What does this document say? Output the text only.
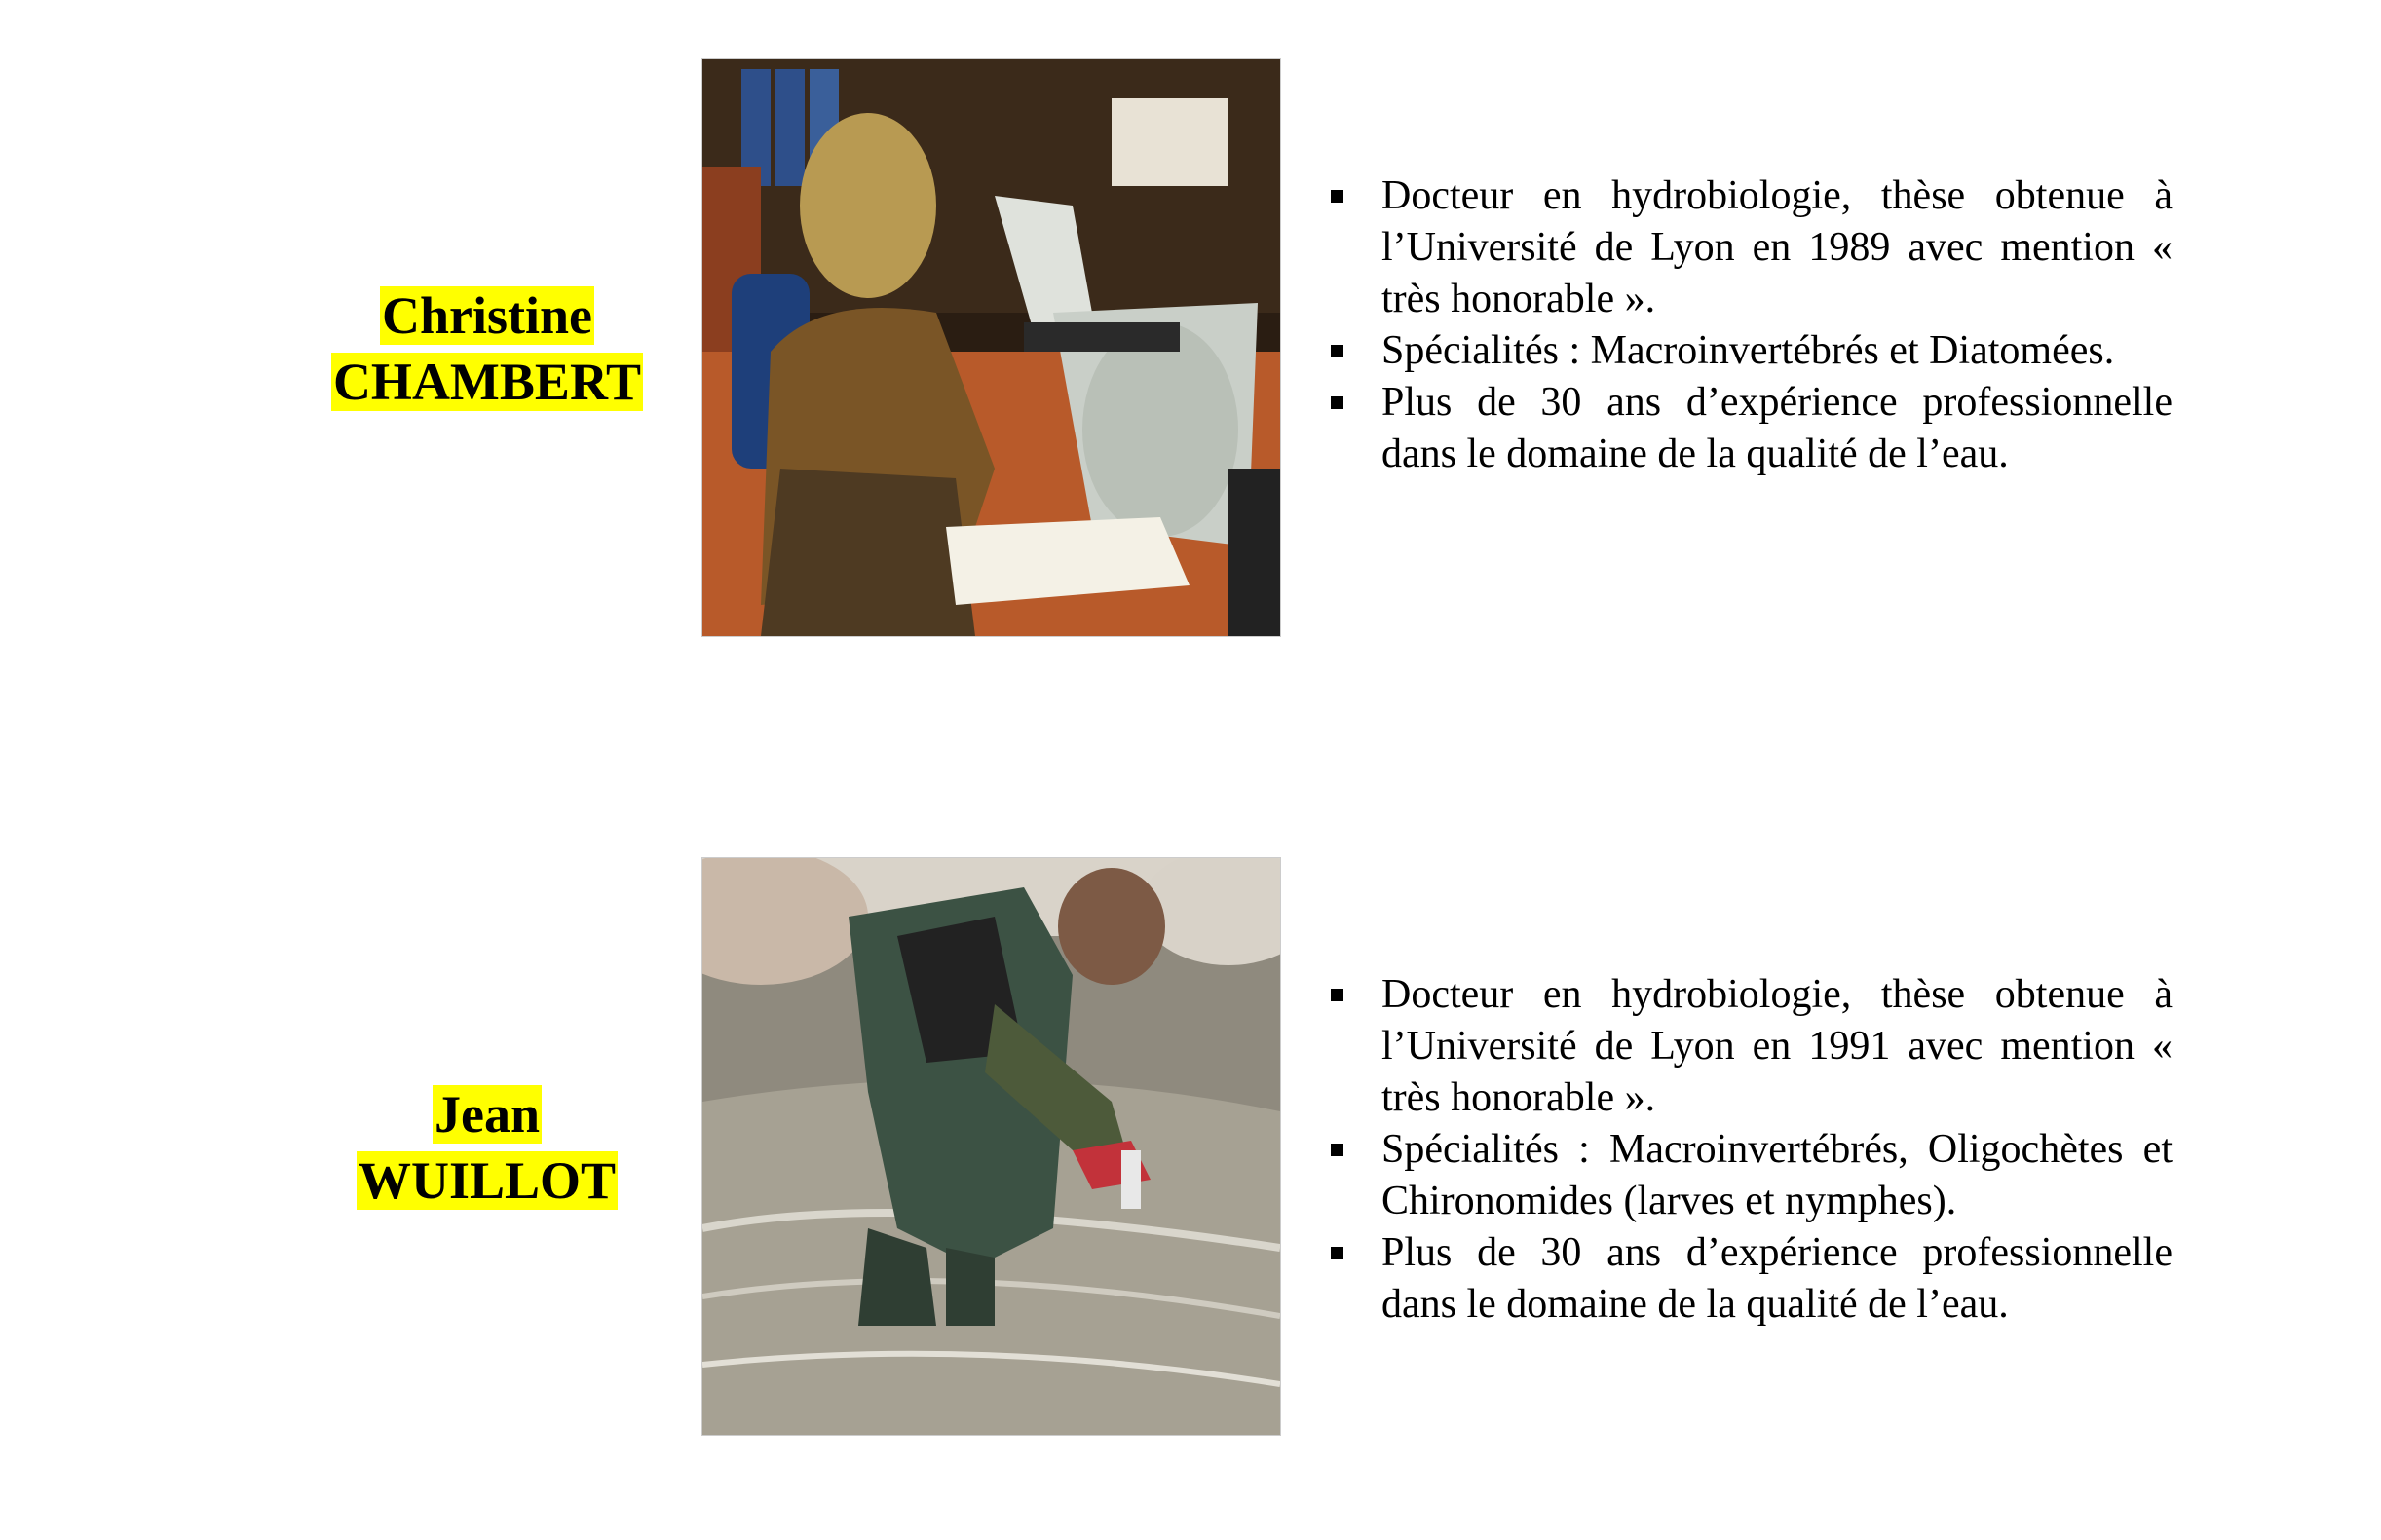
Christine
CHAMBERT
Docteur en hydrobiologie, thèse obtenue à l’Université de Lyon en 1989 avec mention « très honorable ».
Spécialités : Macroinvertébrés et Diatomées.
Plus de 30 ans d’expérience professionnelle dans le domaine de la qualité de l’eau.
Jean
WUILLOT
Docteur en hydrobiologie, thèse obtenue à l’Université de Lyon en 1991 avec mention « très honorable ».
Spécialités : Macroinvertébrés, Oligochètes et Chironomides (larves et nymphes).
Plus de 30 ans d’expérience professionnelle dans le domaine de la qualité de l’eau.
